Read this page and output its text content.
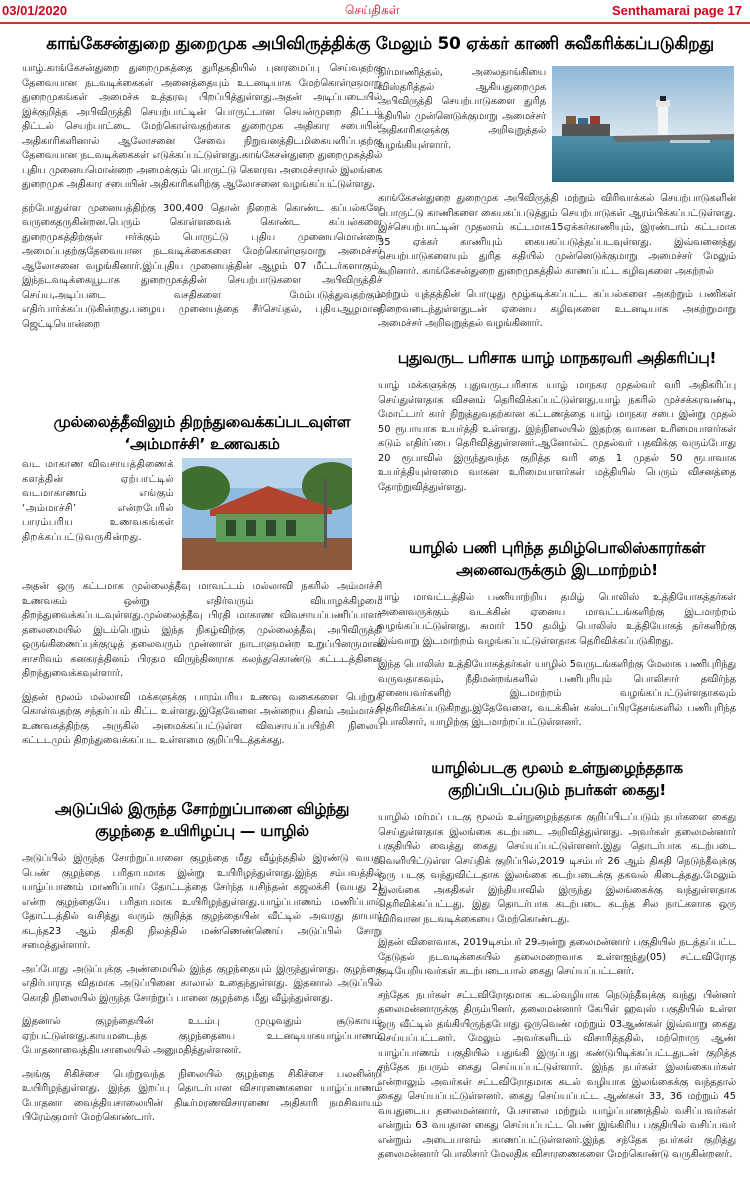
03/01/2020	செய்திகள்	Senthamarai page 17
காங்கேசன்துறை துறைமுக அபிவிருத்திக்கு மேலும் 50 ஏக்கர் காணி சுவீகரிக்கப்படுகிறது

யாழ்.காங்கேசன்துறை துறைமுகத்தை துரிதகதியில் புனரமைப்பு செய்வதற்கு தேவையான நடவடிக்கைகள் அனைத்தையும் உடனடியாக மேற்கொள்ளுமாறு துறைமுகங்கள் அமைச்சு உத்தரவு பிறப்பித்துள்ளது.அதன் அடிப்படையில் இக்குறித்த அபிவிருத்தி செயற்பாட்டின் பொருட்டான செயன்முறை திட்டம் திட்டல் செயற்பாட்டை மேற்கொள்வதற்காக துறைமுக அதிகார சபையின் அதிகாரிகளினால் ஆலோசனை சேவை நிறுவனத்திடமிகையளிப்பதற்கு தேவையான நடவடிக்கைகள் எடுக்கப்பட்டுள்ளது.காங்கேசன்துறை துறைமுகத்தில் புதிய முனையமொன்றை அமைக்கும் பொருட்டு கௌரவ அமைச்சரால் இலங்கை துறைமுக அதிகார சபையின் அதிகாரிகளிற்கு ஆலோசனை வழங்கப்பட்டுள்ளது.

தற்போதுள்ள முனையத்திற்கு 300,400 தொன் நிறைக் கொண்ட கப்பல்களே வருகைதருகின்றன.பெரும் கொள்ளவைக் கொண்ட கப்பல்களை துறைமுகத்திற்குள் ஈர்க்கும் பொருட்டு புதிய முனையமொன்றை அமைப்பதற்குதேவையான நடவடிக்கைகளை மேற்கொள்ளுமாறு அமைச்சர் ஆலோசனை வழங்கினார்.இப்புதிய முனையத்தின் ஆழம் 07 மீட்டர்களாகும். இந்நடவடிக்கையூடாக துறைமுகத்தின் செயற்பாடுகளை அபிவிருத்திச் செய்ய,அடிப்படை வசதிகளை மேம்படுத்துவதற்கும் எதிர்பார்க்கப்படுகின்றது.பழைய முனையத்தை சீர்செய்தல், புதியஆழமான ஜெட்டியொன்றை

நிர்மாணித்தல், அலைதாங்கியை விஸ்தரித்தல் ஆகியதுறைமுக அபிவிருத்தி செயற்பாடுகளை துரித கதியில் முன்னெடுக்குமாறு அமைச்சர் அதிகாரிகளுக்கு அறிவுறுத்தல் வழங்கியுள்ளார்.

காங்கேசன்துறை துறைமுக அபிவிருத்தி மற்றும் விரிவாக்கல் செயற்பாடுகளின் பொருட்டு காணிகளை கையகப்படுத்தும் செயற்பாடுகள் ஆரம்பிக்கப்பட்டுள்ளது. இச்செயற்பாட்டின் முதலாம் கட்டமாக15ஏக்கர்காணியும், இரண்டாம் கட்டமாக 35 ஏக்கர் காணியும் கையகப்படுத்தப்படவுள்ளது. இவ்வனைத்து செயற்பாடுகளையும் துரித கதியில் முன்னெடுக்குமாறு அமைச்சர் மேலும் கூறினார். காங்கேசன்துறை துறைமுகத்தில் காணப்பட்ட கழிவுகளை அகற்றல்

மற்றும் யுத்தத்தின் பொழுது மூழ்கடிக்கப்பட்ட கப்பல்களை அகற்றும் பணிகள் நிறைவடைந்துள்ளதுடன் ஏனைய கழிவுகளை உடனடியாக அகற்றுமாறு அமைச்சர் அறிவுறுத்தல் வழங்கினார்.

முல்லைத்தீவிலும் திறந்துவைக்கப்படவுள்ள
‘அம்மாச்சி’ உணவகம்

வட மாகாண விவசாயத்திணைக் களத்தின் ஏற்பாட்டில் வடமாகாணம் எங்கும் ‘அம்மாச்சி’ என்றபேரில் பாரம்பரிய உணவகங்கள் திறக்கப்பட்டுவருகின்றது.

அதன் ஒரு கட்டமாக முல்லைத்தீவு மாவட்டம் மல்லாவி நகரில் அம்மாச்சி உணவகம் ஒன்று எதிர்வரும் வியாழக்கிழமை திறந்துவைக்கப்படவுள்ளது.முல்லைத்தீவு பிரதி மாகாண விவசாயப்பணிப்பாளர் தலைமையில் இடம்பெறும் இந்த நிகழ்விற்கு முல்லைத்தீவு அபிவிருத்தி ஒருங்கிணைப்புக்குழுத் தலைவரும் முன்னாள் நாடாளுமன்ற உறுப்பினருமான சாசரிவம் கனகரத்தினம் பிரதம விருந்தினராக கலந்துகொண்டு கட்டடத்தினை திறந்துவைக்கவுள்ளார்.

இதன் மூலம் மல்லாவி மக்களுக்கு பாரம்பரிய உணவு வகைகளை பெற்றுக் கொள்வதற்கு சந்தர்ப்பம் கிட்ட உள்ளது.இதேவேளை அன்றைய தினம் அம்மாச்சி உணவகத்திற்கு அருகில் அமைக்கப்பட்டுள்ள விவசாயப்பயிற்சி நிலைய கட்டடமும் திறந்துவைக்கப்பட உள்ளமை குறிப்பிடத்தக்கது.

அடுப்பில் இருந்த சோற்றுப்பானை விழ்ந்து
குழந்தை உயிரிழப்பு — யாழில்

அடுப்பில் இருந்த சோற்றுப்பானை குழந்தை மீது வீழ்ந்ததில் இரண்டு வயது பெண் குழந்தை பரிதாபமாக இன்று உயிரிழந்துள்ளது.இந்த சம்பவத்தில் யாழ்ப்பாணம் மாணிப்பாய் தோட்டத்தை சேர்ந்த யசிந்தன் கஜலக்சி (வயது 2) என்ற குழந்தையே பரிதாபமாக உயிரிழந்துள்ளது.யாழ்ப்பாணம் மணிப்பாய் தோட்டத்தில் வசித்து வரும் குறித்த குழந்தையின் வீட்டில் அவரது தாயார் கடந்த23 ஆம் திகதி நிலத்தில் மண்ணெண்ணெய் அடுப்பில் சோறு சமைத்துள்ளார்.

அப்போது அடுப்புக்கு அண்மையில் இந்த குழந்தையும் இருந்துள்ளது. குழந்தை எதிர்பாராத விதமாக அடுப்பினை காலால் உதைந்துள்ளது. இதனால் அடுப்பில் கொதி நிலையில் இருந்த சோற்றுப் பானை குழந்தை மீது வீழ்ந்துள்ளது.

இதனால் குழந்தையின் உடம்பு முழுவதும் சூடுகாயம் ஏற்பட்டுள்ளது.காயமடைந்த குழந்தையை உடனடியாகயாழ்ப்பாணம் போதனாவைத்தியசாலையில் அனுமதித்துள்ளனர்.

அங்கு சிகிச்சை பெற்றுவந்த நிலையில் குழந்தை சிகிச்சை பலனின்றி உயிரிழந்துள்ளது. இந்த இறப்பு தொடர்பான விசாரணைகளை யாழ்ப்பாணம் போதனா வைத்தியசாலையின் திடீர்மரணவிசாரணை அதிகாரி நமசிவாயம் பிரேம்குமார் மேற்கொண்டார்.

புதுவருட பரிசாக யாழ் மாநகரவரி அதிகரிப்பு!

யாழ் மக்களுக்கு புதுவருடபரிசாக யாழ் மாநகர முதல்வர் வரி அதிகரிப்பு செய்துள்ளதாக விசனம் தெரிவிக்கப்பட்டுள்ளது.யாழ் நகரில் முச்சக்கரவண்டி, மோட்டார் கார் நிறுத்துவதற்கான கட்டணத்தை யாழ் மாநகர சபை இன்று முதல் 50 ரூபாயாக உயர்த்தி உள்ளது. இந்நிலையில் இதற்கு வாகன உரிமையாளர்கள் கடும் எதிர்ப்பை தெரிவித்துள்ளனர்.ஆனோல்ட் முதல்வர் பதவிக்கு வரும்போது 20 ரூபாவில் இருந்துவந்த குறித்த வரி தை 1 முதல் 50 ரூபாவாக உயர்த்தியுள்ளமை வாகன உரிமையாளர்கள் மத்தியில் பெரும் விசனத்தை தோற்றுவித்துள்ளது.

யாழில் பணி புரிந்த தமிழ்பொலிஸ்காரர்கள்
அனைவருக்கும் இடமாற்றம்!

யாழ் மாவட்டத்தில் பணியாற்றிய தமிழ் பொலிஸ் உத்தியோகத்தர்கள் அனைவருக்கும் வடக்கின் ஏனைய மாவட்டங்களிற்கு இடமாற்றம் வழங்கப்பட்டுள்ளது. சுமார் 150 தமிழ் பொலிஸ் உத்தியோகத் தர்களிற்கு இவ்வாறு இடமாற்றம் வழங்கப்பட்டுள்ளதாக தெரிவிக்கப்படுகிறது.

இந்த பொலிஸ் உத்தியோகத்தர்கள் யாழில் 5வருடங்களிற்கு மேலாக பணிபுரிந்து வருவதாகவும், நீதிமன்றங்களில் பணிபுரியும் பொலிசார் தவிர்ந்த ஏனையவர்களிற் இடமாற்றம் வழங்கப்பட்டுள்ளதாகவும் தெரிவிக்கப்படுகிறது.இதேவேளை, வடக்கின் கஸ்டப்பிரதேசங்களில் பணிபுரிந்த பொலிசார், யாழிற்கு இடமாற்றப்பட்டுள்ளனர்.

யாழில்படகு மூலம் உள்நுழைந்ததாக
குறிப்பிடப்படும் நபர்கள் கைது!

யாழில் மர்மப் படகு மூலம் உள்நுழைந்ததாக குறிப்பிடப்படும் நபர்களை கைது செய்துள்ளதாக இலங்கை கடற்படை அறிவித்துள்ளது. அவர்கள் தலைமன்னார் பகுதியில் வைத்து கைது செய்யப்பட்டுள்ளனர்.இது தொடர்பாக கடற்படை வெளியிட்டுள்ள செய்திக் குறிப்பில்,2019 டிசம்பர் 26 ஆம் திகதி நெடுந்தீவுக்கு ஒரு படகு வந்துவிட்டதாக இலங்கை கடற்படைக்கு தகவல் கிடைத்தது.மேலும் இலங்கை அகதிகள் இந்தியாவில் இருந்து இலங்கைக்கு வந்துள்ளதாக தெரிவிக்கப்பட்டது. இது தொடர்பாக கடற்படை கடந்த சில நாட்களாக ஒரு விரிவான நடவடிக்கையை மேற்கொண்டது.

இதன் விளைவாக, 2019டிசம்பர் 29அன்று தலைமன்னார் பகுதியில் நடத்தப்பட்ட தேடுதல் நடவடிக்கையில் தலைமறைவாக உள்ளஐந்து(05) சட்டவிரோத குடியேறியவர்கள் கடற்படையால் கைது செய்யப்பட்டனர்.

சந்தேக நபர்கள் சட்டவிரோதமாக கடல்வழியாக நெடுந்தீவுக்கு வந்து பின்னர் தலைமன்னாருக்கு திரும்பினர். தலைமன்னார் கேபிள் ஹவுஸ் பகுதியில் உள்ள ஒரு வீட்டில் தங்கியிருந்தபோது ஒருவெண் மற்றும் 03ஆண்கள் இவ்வாறு கைது செய்யப்பட்டனர். மேலும் அவர்களிடம் விசாரித்ததில், மற்றொரு ஆண் யாழ்ப்பாணம் பகுதியில் பதுங்கி இருப்பது கண்டுபிடிக்கப்பட்டதுடன் குறித்த சந்தேக நபரும் கைது செய்யப்பட்டுள்ளார். இந்த நபர்கள் இலங்கையர்கள் என்றாலும் அவர்கள் சட்டவிரோதமாக கடல் வழியாக இலங்கைக்கு வந்ததால் கைது செய்யப்பட்டுள்ளனர். கைது செய்யப்பட்ட ஆண்கள் 33, 36 மற்றும் 45 வயதுடைய தலைமன்னார், பேசாலை மற்றும் யாழ்ப்பாணத்தில் வசிப்பவர்கள் என்றும் 63 வயதான கைது செய்யப்பட்ட பெண் இங்கிரிய பகுதியில் வசிப்பவர் என்றும் அடையாளம் காணப்பட்டுள்ளனர்.இந்த சந்தேக நபர்கள் குறித்து தலைமன்னார் பொலிசார் மேலதிக விசாரணைகளை மேற்கொண்டு வருகின்றனர்.
